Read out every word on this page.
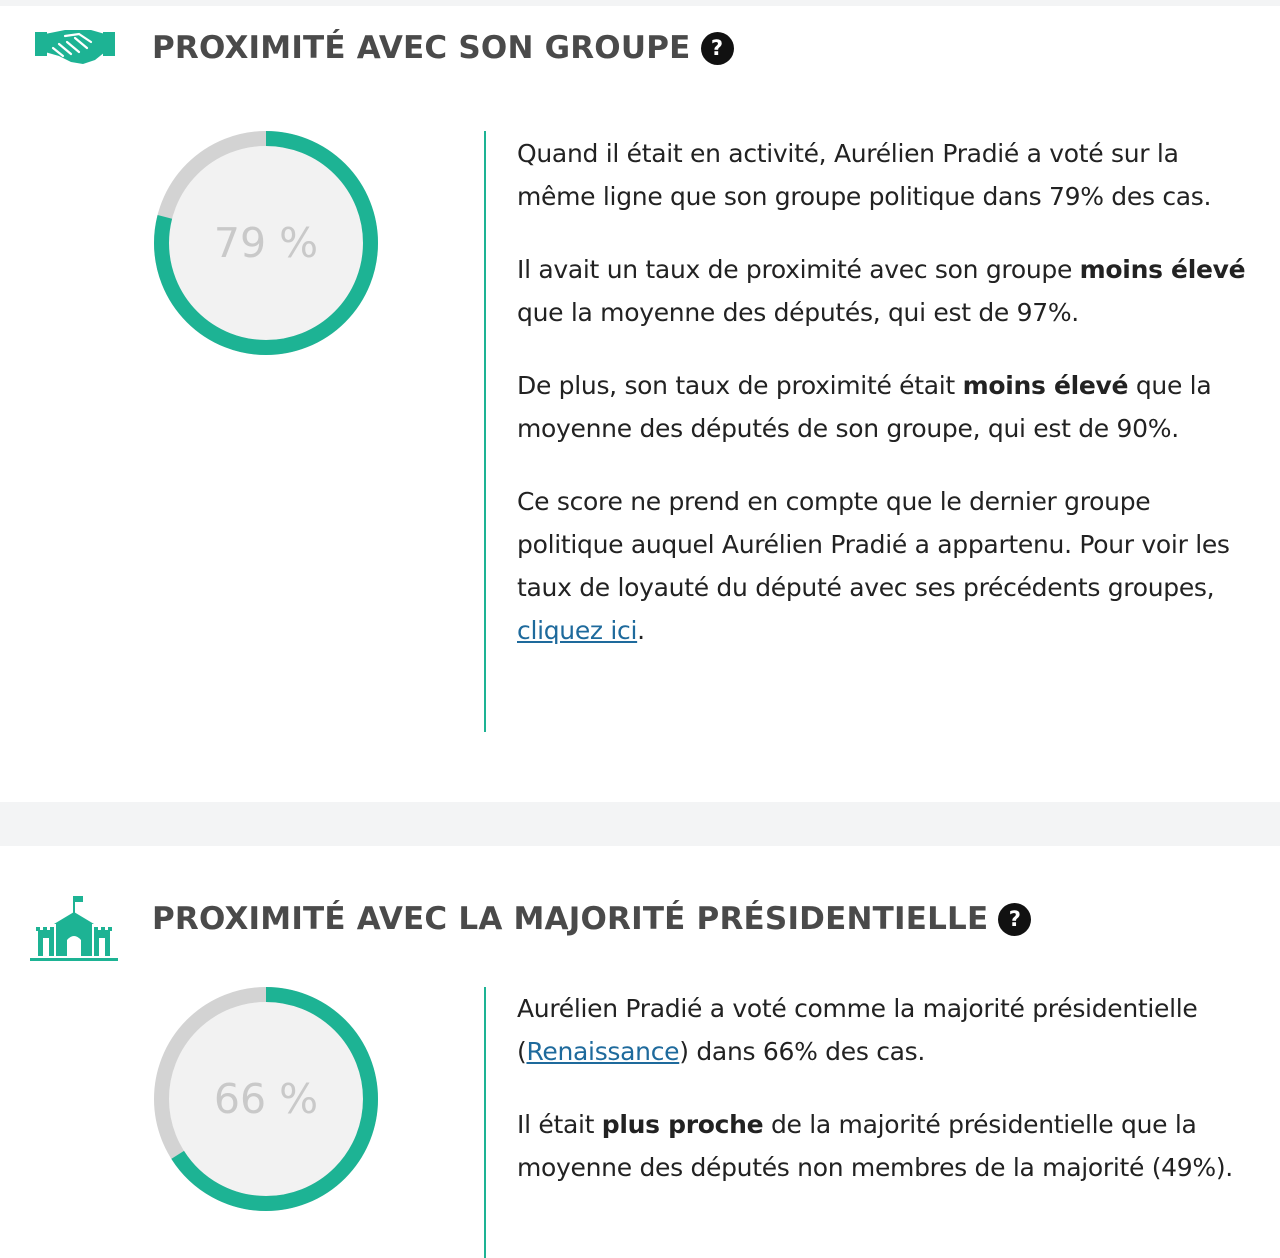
PROXIMITÉ AVEC SON GROUPE ?
79 %

Quand il était en activité, Aurélien Pradié a voté sur la même ligne que son groupe politique dans 79% des cas.

Il avait un taux de proximité avec son groupe moins élevé que la moyenne des députés, qui est de 97%.

De plus, son taux de proximité était moins élevé que la moyenne des députés de son groupe, qui est de 90%.

Ce score ne prend en compte que le dernier groupe politique auquel Aurélien Pradié a appartenu. Pour voir les taux de loyauté du député avec ses précédents groupes, cliquez ici.

PROXIMITÉ AVEC LA MAJORITÉ PRÉSIDENTIELLE ?
66 %

Aurélien Pradié a voté comme la majorité présidentielle (Renaissance) dans 66% des cas.

Il était plus proche de la majorité présidentielle que la moyenne des députés non membres de la majorité (49%).
